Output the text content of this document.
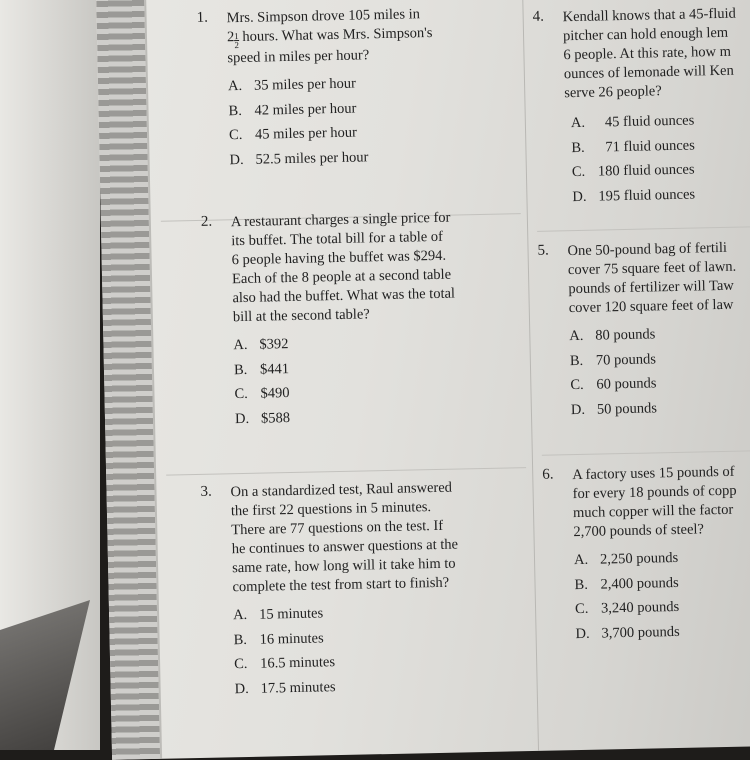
1. Mrs. Simpson drove 105 miles in
$2 \frac{1}{2}$ hours. What was Mrs. Simpson's
speed in miles per hour?
A. 35 miles per hour
B. 42 miles per hour
C. 45 miles per hour
D. 52.5 miles per hour
2. A restaurant charges a single price for
its buffet. The total bill for a table of
6 people having the buffet was $294.
Each of the 8 people at a second table
also had the buffet. What was the total
bill at the second table?
A. $392
B. $441
C. $490
D. $588
3. On a standardized test, Raul answered
the first 22 questions in 5 minutes.
There are 77 questions on the test. If
he continues to answer questions at the
same rate, how long will it take him to
complete the test from start to finish?
A. 15 minutes
B. 16 minutes
C. 16.5 minutes
D. 17.5 minutes
4. Kendall knows that a 45-fluid
pitcher can hold enough lem
6 people. At this rate, how m
ounces of lemonade will Ken
serve 26 people?
A. 45 fluid ounces
B. 71 fluid ounces
C. 180 fluid ounces
D. 195 fluid ounces
5. One 50-pound bag of fertili
cover 75 square feet of lawn.
pounds of fertilizer will Taw
cover 120 square feet of law
A. 80 pounds
B. 70 pounds
C. 60 pounds
D. 50 pounds
6. A factory uses 15 pounds of
for every 18 pounds of copp
much copper will the factor
2,700 pounds of steel?
A. 2,250 pounds
B. 2,400 pounds
C. 3,240 pounds
D. 3,700 pounds
